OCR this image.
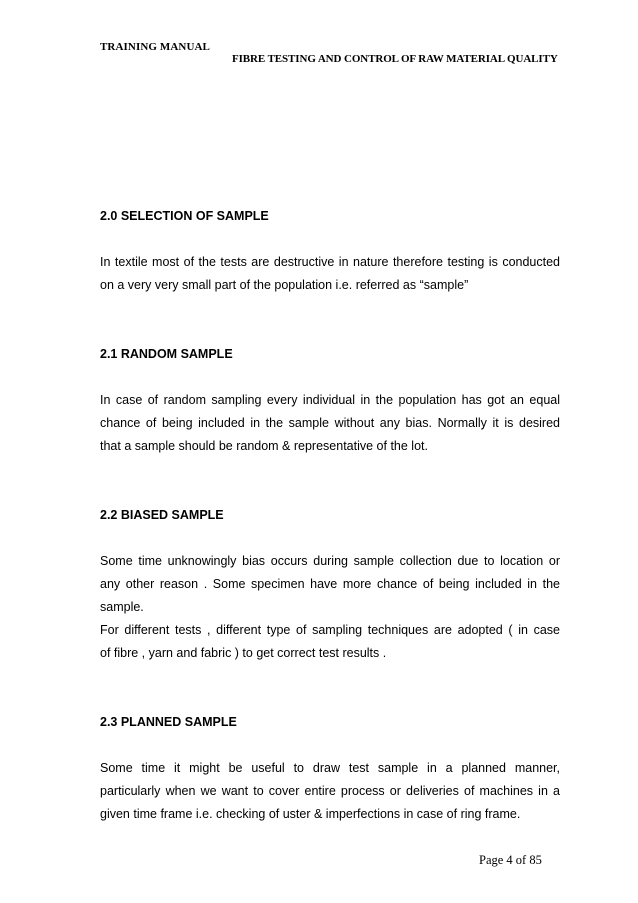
TRAINING MANUAL
FIBRE TESTING AND CONTROL OF RAW MATERIAL QUALITY
2.0 SELECTION OF SAMPLE
In textile most of the tests are destructive in nature therefore testing is conducted
on a very very small part of the population i.e. referred as “sample”
2.1 RANDOM SAMPLE
In case of random sampling every individual in the population has got an equal
chance of being included in the sample without any bias. Normally it is desired
that a sample should be random & representative of the lot.
2.2 BIASED SAMPLE
Some time unknowingly bias occurs during sample collection due to location or
any other reason . Some specimen have more chance of being included in the
sample.
For different tests , different type of sampling techniques are adopted ( in case
of fibre , yarn and fabric ) to get correct test results .
2.3 PLANNED SAMPLE
Some time it might be useful to draw test sample in a planned manner,
particularly when we want to cover entire process or deliveries of machines in a
given time frame i.e. checking of uster & imperfections in case of ring frame.
Page 4 of 85
